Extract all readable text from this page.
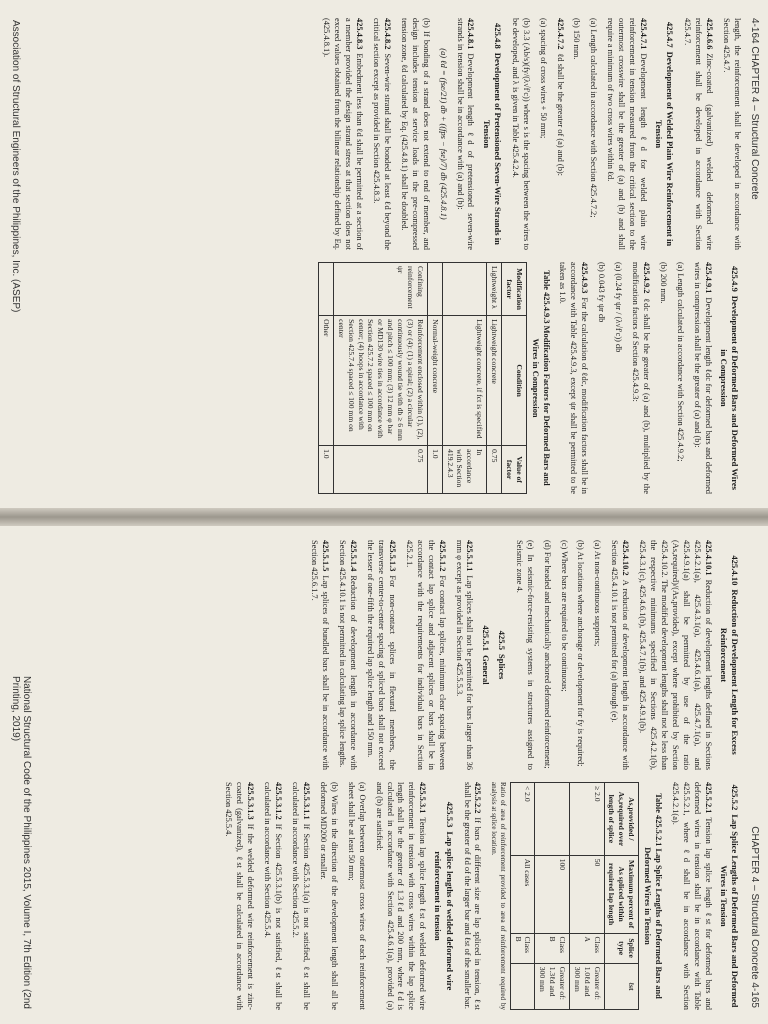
4-164 CHAPTER 4 – Structural Concrete

length, the reinforcement shall be developed in accordance with Section 425.4.7.

425.4.6.6Zinc-coated (galvanized) welded deformed wire reinforcement shall be developed in accordance with Section 425.4.7.

425.4.7Development of Welded Plain Wire Reinforcement in Tension

425.4.7.1Development length ℓd for welded plain wire reinforcement in tension measured from the critical section to the outermost crosswire shall be the greater of (a) and (b) and shall require a minimum of two cross wires within ℓd.

(a) Length calculated in accordance with Section 425.4.7.2;

(b) 150 mm.

425.4.7.2ℓd shall be the greater of (a) and (b):

(a) spacing of cross wires + 50 mm;

(b) 3.3 (Ab/s)(fy/(λ√f′c)) where s is the spacing between the wires to be developed, and λ is given in Table 425.4.2.4.

425.4.8Development of Pretensioned Seven-Wire Strands in Tension

425.4.8.1Development length ℓd of pretensioned seven-wire strands in tension shall be in accordance with (a) and (b):

(a) ℓd = (fse/21) db + ((fps − fse)/7) db (425.4.8.1)

(b) If bonding of a strand does not extend to end of member, and design includes tension at service loads in the pre-compressed tension zone, ℓd calculated by Eq. (425.4.8.1) shall be doubled.

425.4.8.2Seven-wire strand shall be bonded at least ℓd beyond the critical section except as provided in Section 425.4.8.3.

425.4.8.3Embedment less than ℓd shall be permitted at a section of a member provided the design strand stress at that section does not exceed values obtained from the bilinear relationship defined by Eq. (425.4.8.1).

425.4.9Development of Deformed Bars and Deformed Wires in Compression

425.4.9.1Development length ℓdc for deformed bars and deformed wires in compression shall be the greater of (a) and (b):

(a) Length calculated in accordance with Section 425.4.9.2;

(b) 200 mm.

425.4.9.2ℓdc shall be the greater of (a) and (b), multiplied by the modification factors of Section 425.4.9.3:

(a) (0.24 fy ψr / (λ√f′c)) db

(b) 0.043 fy ψr db

425.4.9.3For the calculation of ℓdc, modification factors shall be in accordance with Table 425.4.9.3, except ψr shall be permitted to be taken as 1.0.

Table 425.4.9.3 Modification Factors for Deformed Bars and Wires in Compression
Modification factor	Condition	Value of factor
Lightweight λ	Lightweight concrete	0.75
	Lightweight concrete, if fct is specified	In accordance with Section 419.2.4.3
	Normal-weight concrete	1.0
Confining reinforcement ψr	Reinforcement enclosed within (1), (2), (3) or (4): (1) a spiral; (2) a circular continuously wound tie with db ≥ 6 mm and pitch ≤ 100 mm; (3) 12 mm φ bar or MD130 wire ties in accordance with Section 425.7.2 spaced ≤ 100 mm on center; (4) hoops in accordance with Section 425.7.4 spaced ≤ 100 mm on center	0.75
	Other	1.0
Association of Structural Engineers of the Philippines, Inc. (ASEP)
CHAPTER 4 – Structural Concrete 4-165
425.4.10Reduction of Development Length for Excess Reinforcement

425.4.10.1Reduction of development lengths defined in Sections 425.4.2.1(a), 425.4.3.1(a), 425.4.6.1(a), 425.4.7.1(a), and 425.4.9.1(a) shall be permitted by use of the ratio (As,required)/(As,provided), except where prohibited by Section 425.4.10.2. The modified development lengths shall not be less than the respective minimums specified in Sections 425.4.2.1(b), 425.4.3.1(c), 425.4.6.1(b), 425.4.7.1(b), and 425.4.9.1(b).

425.4.10.2A reduction of development length in accordance with Section 425.4.10.1 is not permitted for (a) through (e).

(a) At non-continuous supports;

(b) At locations where anchorage or development for fy is required;

(c) Where bars are required to be continuous;

(d) For headed and mechanically anchored deformed reinforcement;

(e) In seismic-force-resisting systems in structures assigned to Seismic zone 4.

425.5Splices
425.5.1General

425.5.1.1Lap splices shall not be permitted for bars larger than 36 mm φ except as provided in Section 425.5.5.3.

425.5.1.2For contact lap splices, minimum clear spacing between the contact lap splice and adjacent splices or bars shall be in accordance with the requirements for individual bars in Section 425.2.1.

425.5.1.3For non-contact splices in flexural members, the transverse center-to-center spacing of spliced bars shall not exceed the lesser of one-fifth the required lap splice length and 150 mm.

425.5.1.4Reduction of development length in accordance with Section 425.4.10.1 is not permitted in calculating lap splice lengths.

425.5.1.5Lap splices of bundled bars shall be in accordance with Section 425.6.1.7.

425.5.2Lap Splice Lengths of Deformed Bars and Deformed Wires in Tension

425.5.2.1Tension lap splice length ℓst for deformed bars and deformed wires in tension shall be in accordance with Table 425.5.2.1, where ℓd shall be in accordance with Section 425.4.2.1(a).

Table 425.5.2.1 Lap Splice Lengths of Deformed Bars and Deformed Wires in Tension
As,provided / As,required over length of splice	Maximum percent of As spliced within required lap length	Splice type	ℓst
≥ 2.0	50	Class A	Greater of: 1.0ℓd and 300 mm
	100	Class B	Greater of: 1.3ℓd and 300 mm
< 2.0	All cases	Class B	

Ratio of area of reinforcement provided to area of reinforcement required by analysis at splice location.

425.5.2.2If bars of different size are lap spliced in tension, ℓst shall be the greater of ℓd of the larger bar and ℓst of the smaller bar.

425.5.3Lap splice lengths of welded deformed wire reinforcement in tension

425.5.3.1Tension lap splice length ℓst of welded deformed wire reinforcement in tension with cross wires within the lap splice length shall be the greater of 1.3ℓd and 200 mm, where ℓd is calculated in accordance with Section 425.4.6.1(a), provided (a) and (b) are satisfied:

(a) Overlap between outermost cross wires of each reinforcement sheet shall be at least 50 mm;

(b) Wires in the direction of the development length shall all be deformed MD200 or smaller.

425.5.3.1.1If Section 425.5.3.1(a) is not satisfied, ℓst shall be calculated in accordance with Section 425.5.2.

425.5.3.1.2If Section 425.5.3.1(b) is not satisfied, ℓst shall be calculated in accordance with Section 425.5.4.

425.5.3.1.3If the welded deformed wire reinforcement is zinc-coated (galvanized), ℓst shall be calculated in accordance with Section 425.5.4.

National Structural Code of the Philippines 2015, Volume I, 7th Edition (2nd Printing, 2019)
